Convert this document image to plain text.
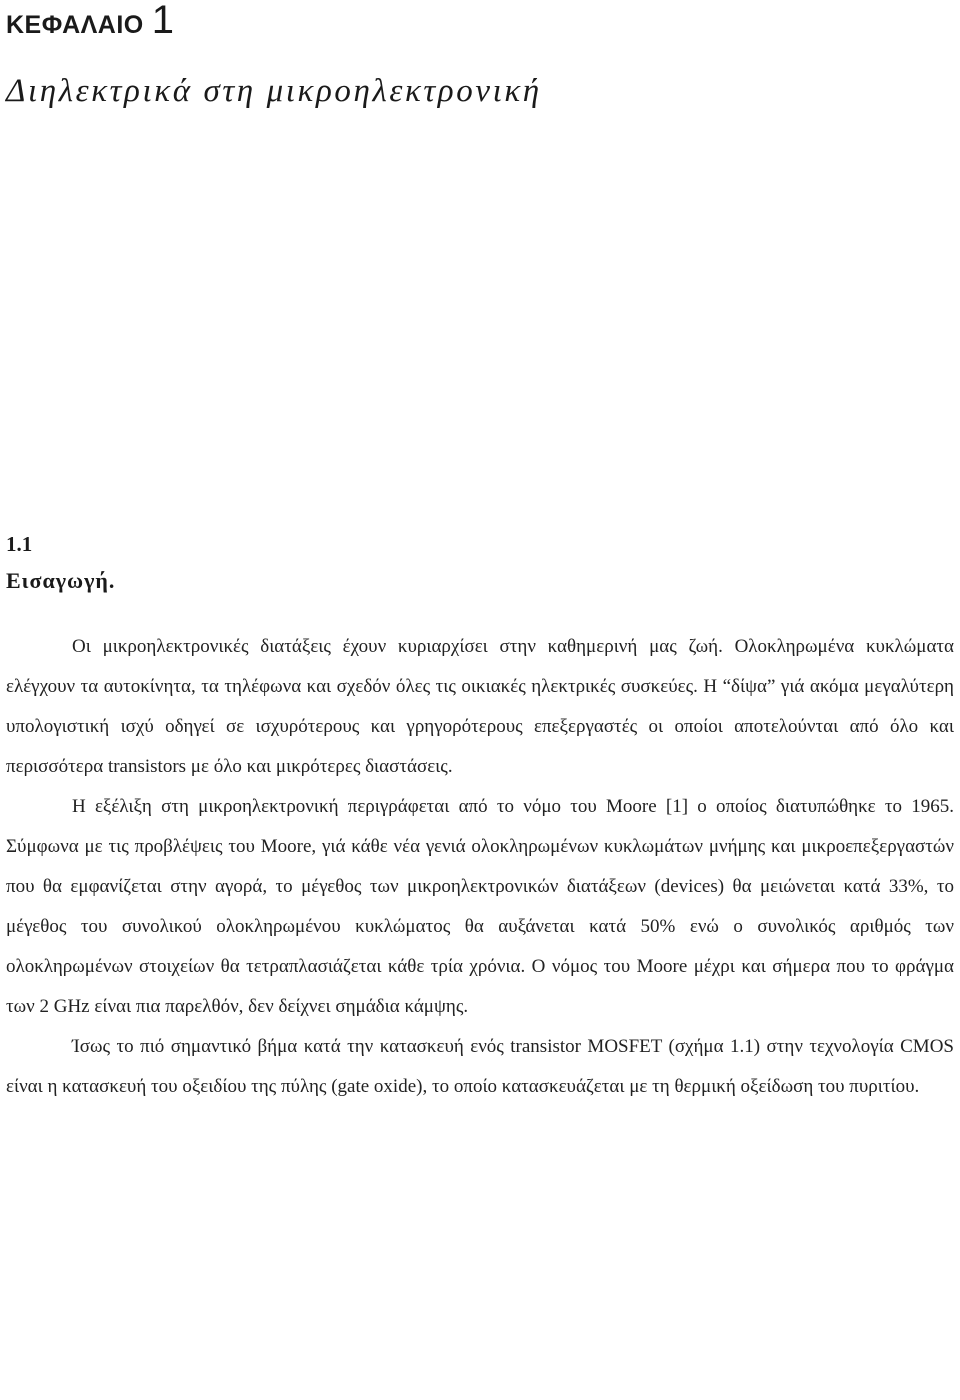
ΚΕΦΑΛΑΙΟ 1
Διηλεκτρικά στη μικροηλεκτρονική
1.1
Εισαγωγή.

Οι μικροηλεκτρονικές διατάξεις έχουν κυριαρχίσει στην καθημερινή μας ζωή. Ολοκληρωμένα κυκλώματα ελέγχουν τα αυτοκίνητα, τα τηλέφωνα και σχεδόν όλες τις οικιακές ηλεκτρικές συσκεύες. Η “δίψα” γιά ακόμα μεγαλύτερη υπολογιστική ισχύ οδηγεί σε ισχυρότερους και γρηγορότερους επεξεργαστές οι οποίοι αποτελούνται από όλο και περισσότερα transistors με όλο και μικρότερες διαστάσεις.

Η εξέλιξη στη μικροηλεκτρονική περιγράφεται από το νόμο του Moore [1] ο οποίος διατυπώθηκε το 1965. Σύμφωνα με τις προβλέψεις του Moore, γιά κάθε νέα γενιά ολοκληρωμένων κυκλωμάτων μνήμης και μικροεπεξεργαστών που θα εμφανίζεται στην αγορά, το μέγεθος των μικροηλεκτρονικών διατάξεων (devices) θα μειώνεται κατά 33%, το μέγεθος του συνολικού ολοκληρωμένου κυκλώματος θα αυξάνεται κατά 50% ενώ ο συνολικός αριθμός των ολοκληρωμένων στοιχείων θα τετραπλασιάζεται κάθε τρία χρόνια. Ο νόμος του Moore μέχρι και σήμερα που το φράγμα των 2 GHz είναι πια παρελθόν, δεν δείχνει σημάδια κάμψης.

Ίσως το πιό σημαντικό βήμα κατά την κατασκευή ενός transistor MOSFET (σχήμα 1.1) στην τεχνολογία CMOS είναι η κατασκευή του οξειδίου της πύλης (gate oxide), το οποίο κατασκευάζεται με τη θερμική οξείδωση του πυριτίου.
